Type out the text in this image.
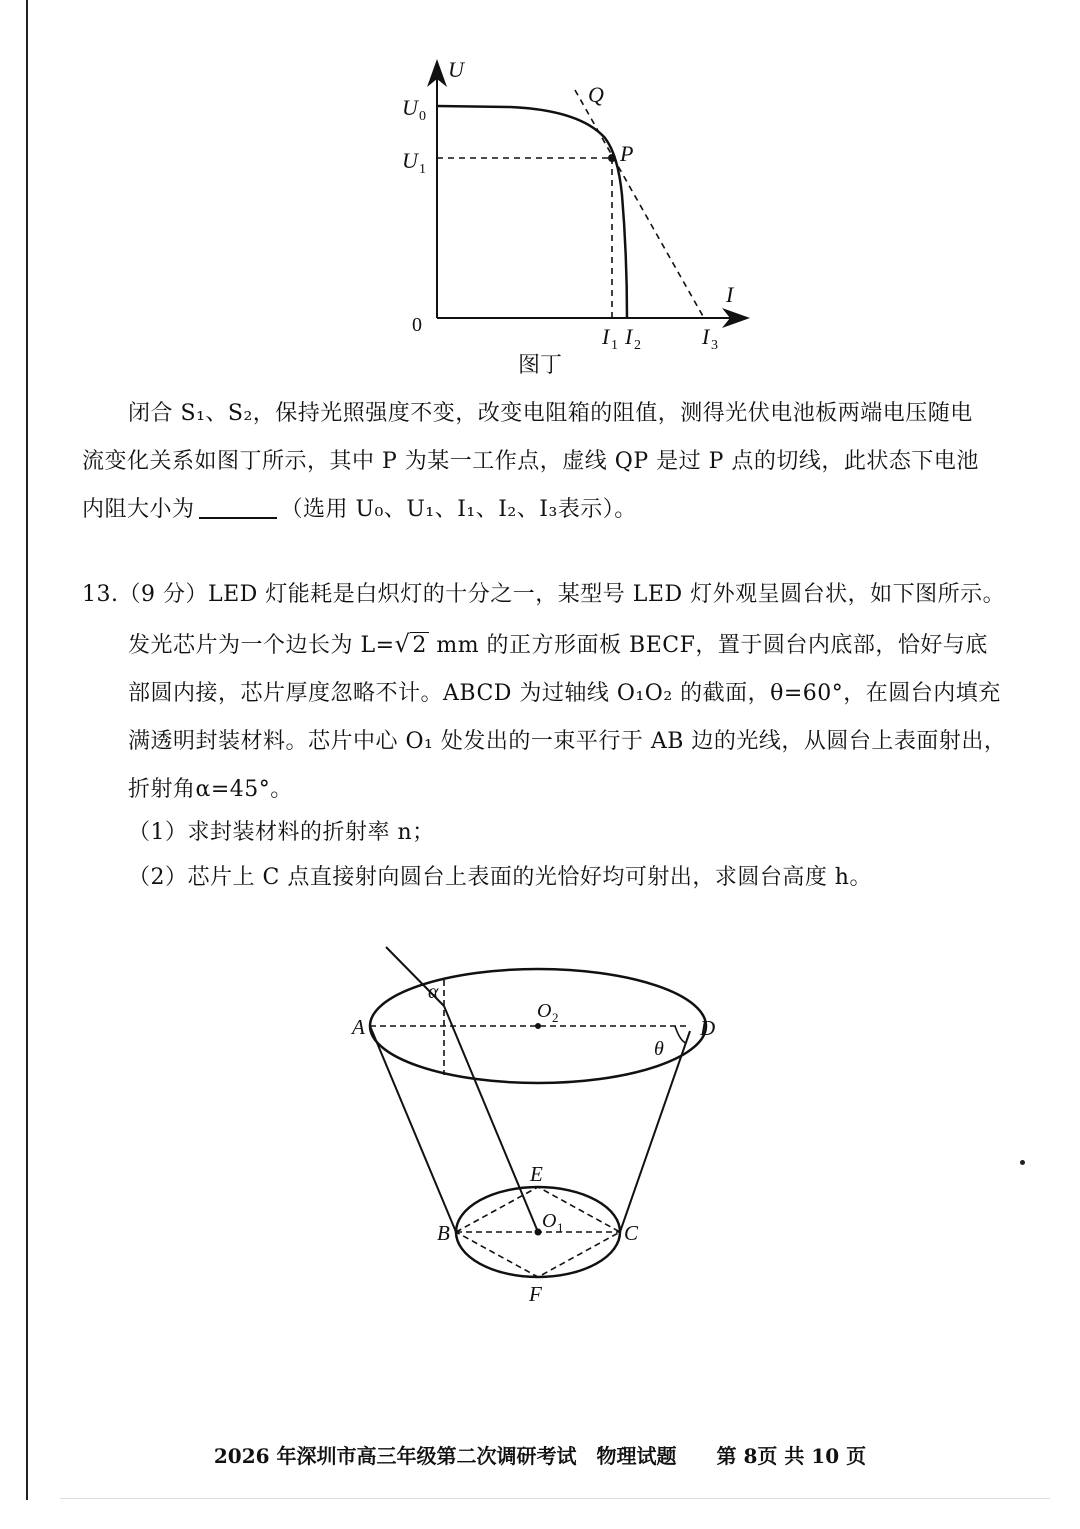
U
I
0
U 0
U 1
P
Q
I 1 I 2	I 3
图丁
闭合 S₁、S₂，保持光照强度不变，改变电阻箱的阻值，测得光伏电池板两端电压随电
流变化关系如图丁所示，其中 P 为某一工作点，虚线 QP 是过 P 点的切线，此状态下电池
内阻大小为	（选用 U₀、U₁、I₁、I₂、I₃表示）。
13.（9 分）LED 灯能耗是白炽灯的十分之一，某型号 LED 灯外观呈圆台状，如下图所示。
发光芯片为一个边长为 L=√2 mm 的正方形面板 BECF，置于圆台内底部，恰好与底
部圆内接，芯片厚度忽略不计。ABCD 为过轴线 O₁O₂ 的截面，θ=60°，在圆台内填充
满透明封装材料。芯片中心 O₁ 处发出的一束平行于 AB 边的光线，从圆台上表面射出，
折射角α=45°。
（1）求封装材料的折射率 n；
（2）芯片上 C 点直接射向圆台上表面的光恰好均可射出，求圆台高度 h。
A	D
B	C
E
F
O 1
O 2
α
θ
2026 年深圳市高三年级第二次调研考试　物理试题　　第 8页 共 10 页
